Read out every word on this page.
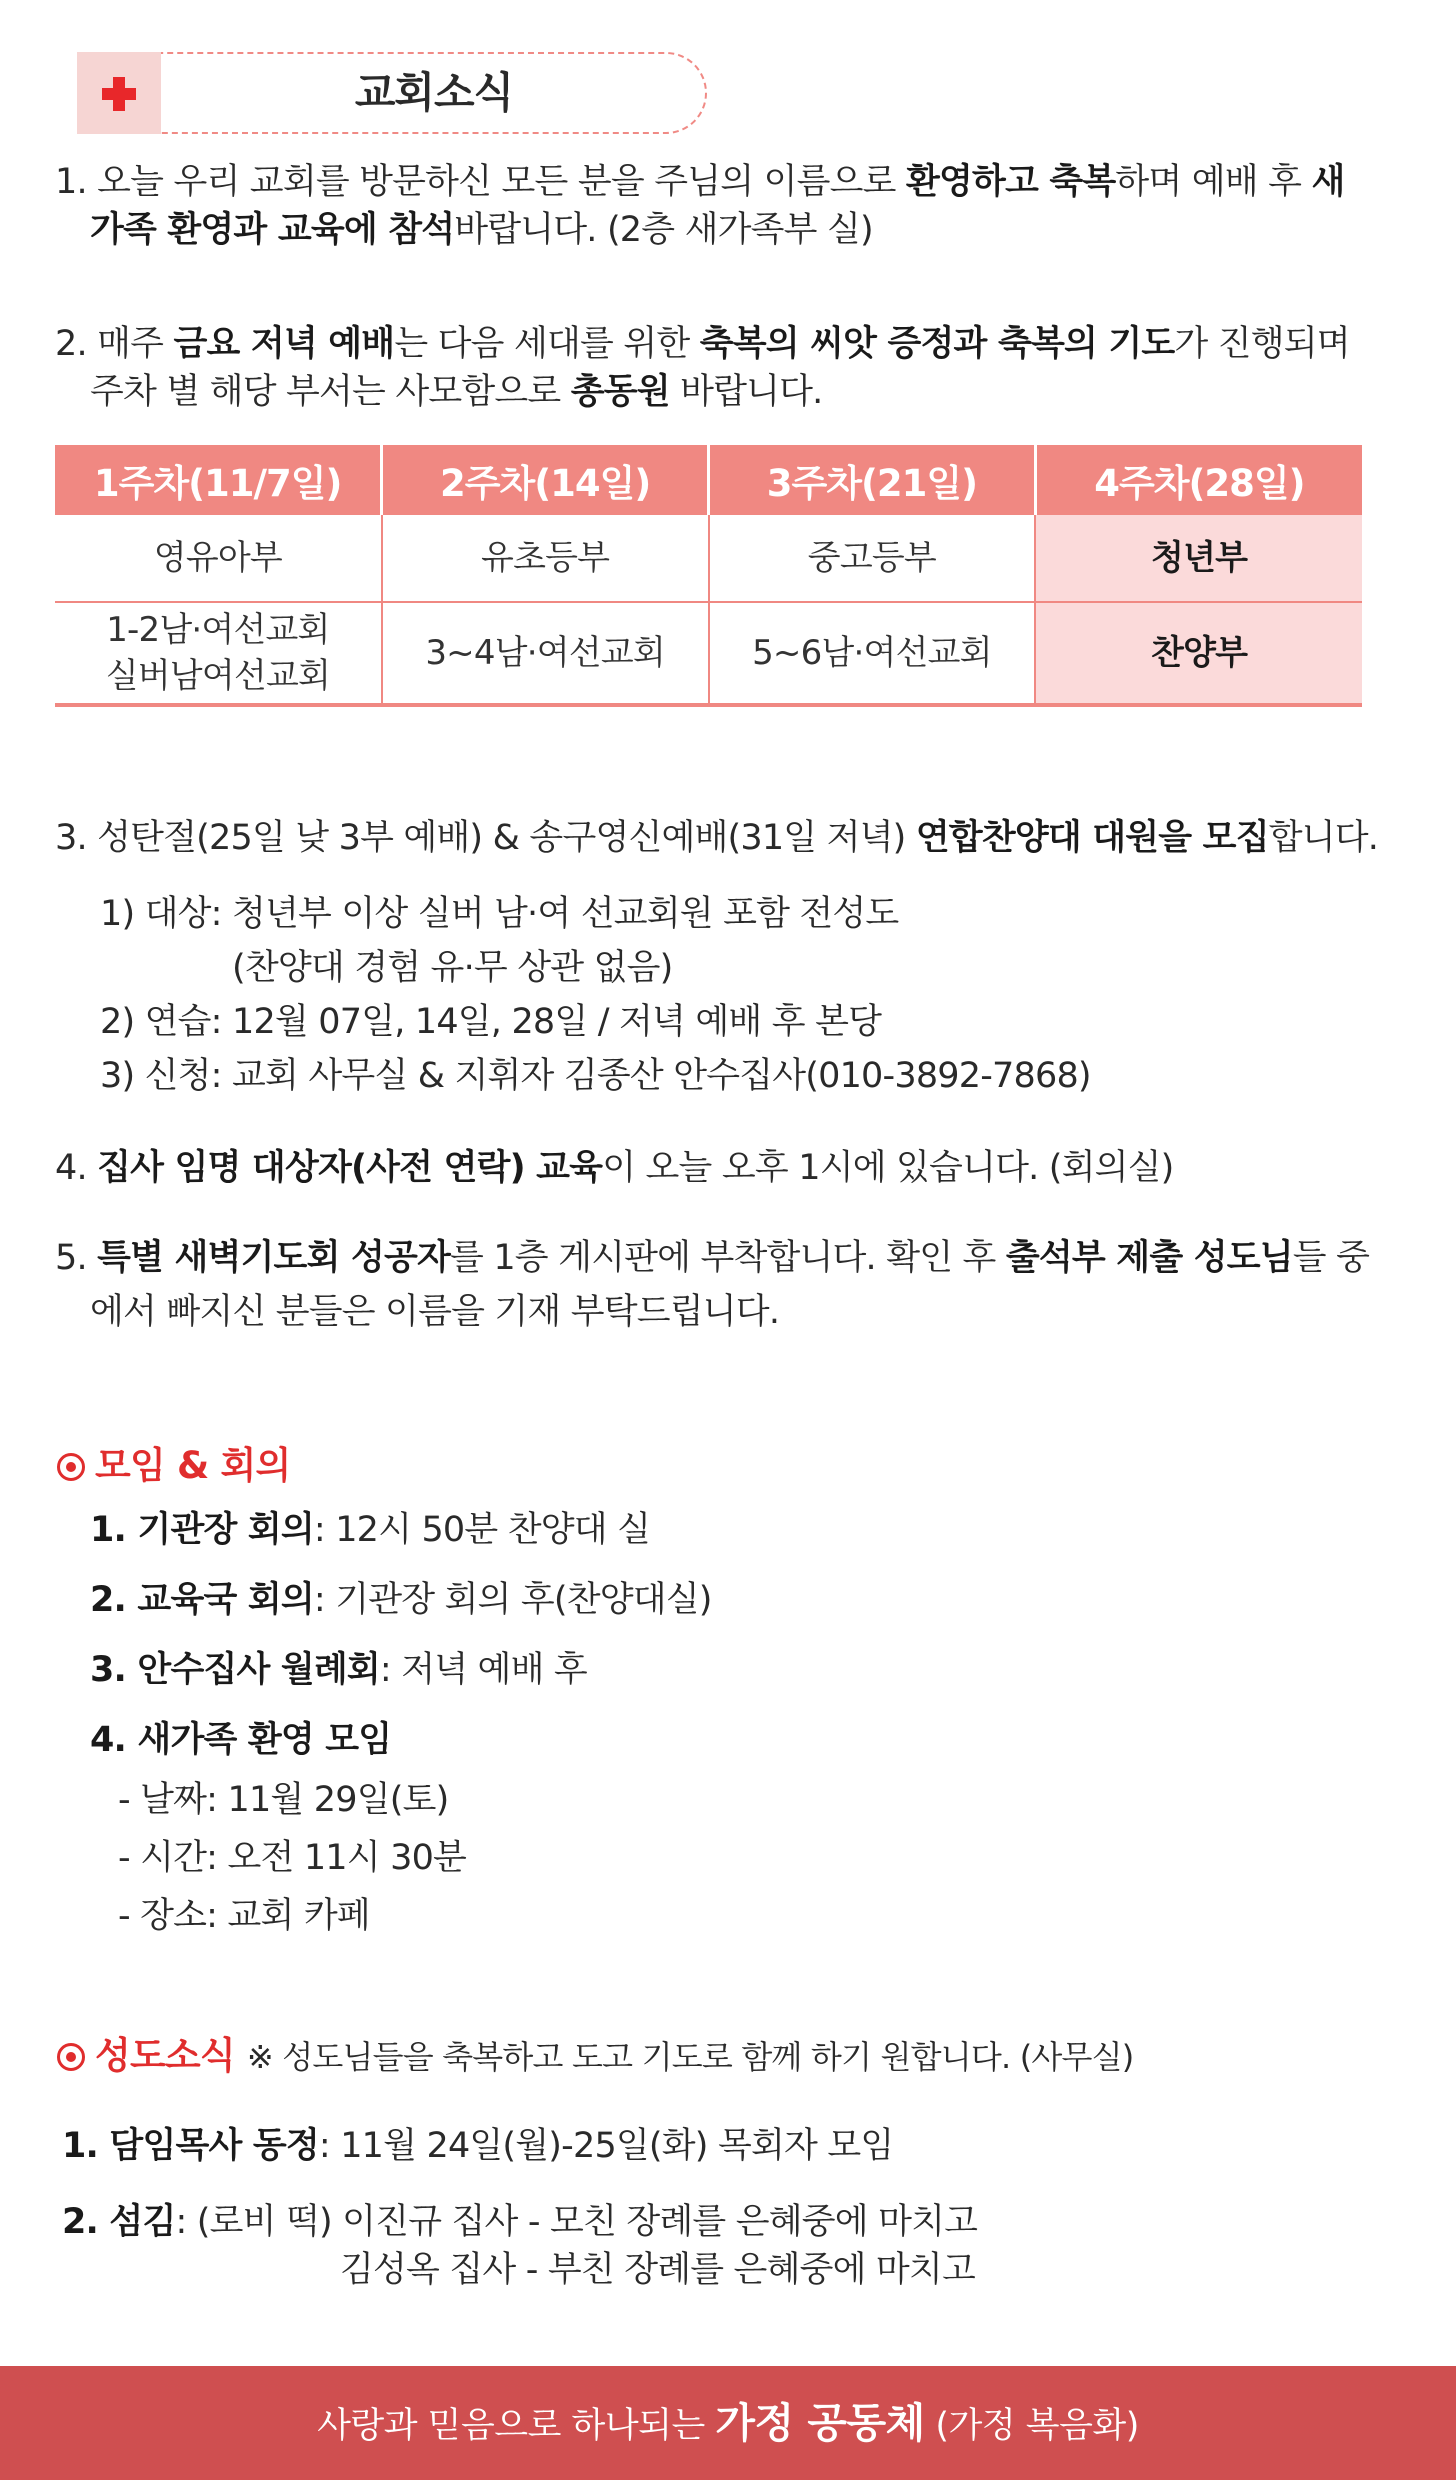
교회소식
1. 오늘 우리 교회를 방문하신 모든 분을 주님의 이름으로 환영하고 축복하며 예배 후 새
가족 환영과 교육에 참석바랍니다. (2층 새가족부 실)
2. 매주 금요 저녁 예배는 다음 세대를 위한 축복의 씨앗 증정과 축복의 기도가 진행되며
주차 별 해당 부서는 사모함으로 총동원 바랍니다.
1주차(11/7일)	2주차(14일)	3주차(21일)	4주차(28일)
영유아부	유초등부	중고등부	청년부

1-2남·여선교회
실버남여선교회	3~4남·여선교회	5~6남·여선교회	찬양부
3. 성탄절(25일 낮 3부 예배) & 송구영신예배(31일 저녁) 연합찬양대 대원을 모집합니다.
1) 대상: 청년부 이상 실버 남·여 선교회원 포함 전성도
(찬양대 경험 유·무 상관 없음)
2) 연습: 12월 07일, 14일, 28일 / 저녁 예배 후 본당
3) 신청: 교회 사무실 & 지휘자 김종산 안수집사(010-3892-7868)
4. 집사 임명 대상자(사전 연락) 교육이 오늘 오후 1시에 있습니다. (회의실)
5. 특별 새벽기도회 성공자를 1층 게시판에 부착합니다. 확인 후 출석부 제출 성도님들 중
에서 빠지신 분들은 이름을 기재 부탁드립니다.
모임 & 회의
1. 기관장 회의: 12시 50분 찬양대 실
2. 교육국 회의: 기관장 회의 후(찬양대실)
3. 안수집사 월례회: 저녁 예배 후
4. 새가족 환영 모임
- 날짜: 11월 29일(토)
- 시간: 오전 11시 30분
- 장소: 교회 카페
성도소식 ※ 성도님들을 축복하고 도고 기도로 함께 하기 원합니다. (사무실)
1. 담임목사 동정: 11월 24일(월)-25일(화) 목회자 모임
2. 섬김: (로비 떡) 이진규 집사 - 모친 장례를 은혜중에 마치고
김성옥 집사 - 부친 장례를 은혜중에 마치고
사랑과 믿음으로 하나되는 가정 공동체 (가정 복음화)
